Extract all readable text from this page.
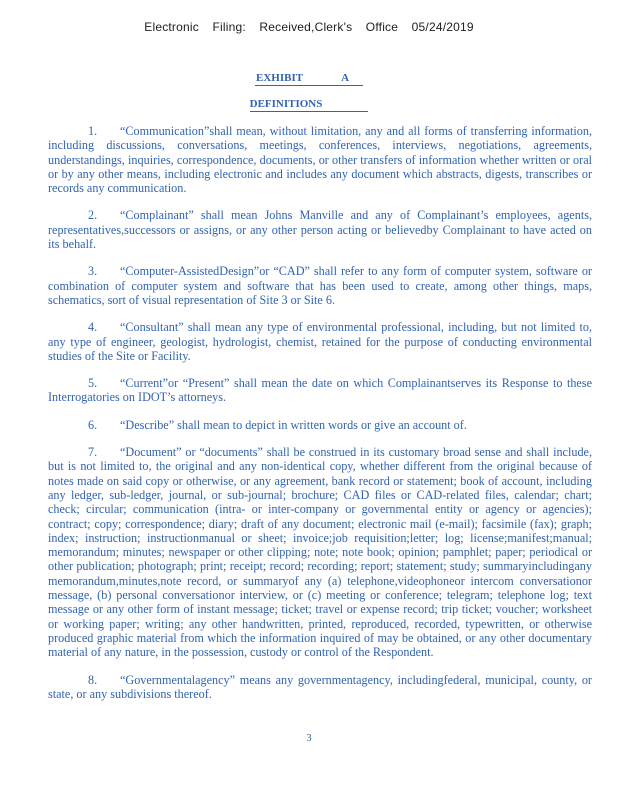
Electronic Filing: Received,Clerk's Office 05/24/2019
EXHIBIT	A
DEFINITIONS

1. “Communication”shall mean, without limitation, any and all forms of transferring information, including discussions, conversations, meetings, conferences, interviews, negotiations, agreements, understandings, inquiries, correspondence, documents, or other transfers of information whether written or oral or by any other means, including electronic and includes any document which abstracts, digests, transcribes or records any communication.

2. “Complainant” shall mean Johns Manville and any of Complainant’s employees, agents, representatives,successors or assigns, or any other person acting or believedby Complainant to have acted on its behalf.

3. “Computer-AssistedDesign”or “CAD” shall refer to any form of computer system, software or combination of computer system and software that has been used to create, among other things, maps, schematics, sort of visual representation of Site 3 or Site 6.

4. “Consultant” shall mean any type of environmental professional, including, but not limited to, any type of engineer, geologist, hydrologist, chemist, retained for the purpose of conducting environmental studies of the Site or Facility.

5. “Current”or “Present” shall mean the date on which Complainantserves its Response to these Interrogatories on IDOT’s attorneys.

6. “Describe” shall mean to depict in written words or give an account of.

7. “Document” or “documents” shall be construed in its customary broad sense and shall include, but is not limited to, the original and any non-identical copy, whether different from the original because of notes made on said copy or otherwise, or any agreement, bank record or statement; book of account, including any ledger, sub-ledger, journal, or sub-journal; brochure; CAD files or CAD-related files, calendar; chart; check; circular; communication (intra- or inter-company or governmental entity or agency or agencies); contract; copy; correspondence; diary; draft of any document; electronic mail (e-mail); facsimile (fax); graph; index; instruction; instructionmanual or sheet; invoice;job requisition;letter; log; license;manifest;manual; memorandum; minutes; newspaper or other clipping; note; note book; opinion; pamphlet; paper; periodical or other publication; photograph; print; receipt; record; recording; report; statement; study; summaryincludingany memorandum,minutes,note record, or summaryof any (a) telephone,videophoneor intercom conversationor message, (b) personal conversationor interview, or (c) meeting or conference; telegram; telephone log; text message or any other form of instant message; ticket; travel or expense record; trip ticket; voucher; worksheet or working paper; writing; any other handwritten, printed, reproduced, recorded, typewritten, or otherwise produced graphic material from which the information inquired of may be obtained, or any other documentary material of any nature, in the possession, custody or control of the Respondent.

8. “Governmentalagency” means any governmentagency, includingfederal, municipal, county, or state, or any subdivisions thereof.

3
